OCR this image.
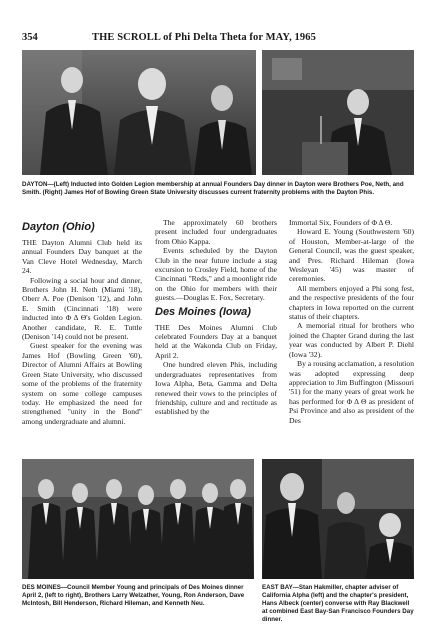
354	THE SCROLL of Phi Delta Theta for MAY, 1965
DAYTON—(Left) Inducted into Golden Legion membership at annual Founders Day dinner in Dayton were Brothers Poe, Neth, and Smith. (Right) James Hof of Bowling Green State University discusses current fraternity problems with the Dayton Phis.
Dayton (Ohio)

THE Dayton Alumni Club held its annual Founders Day banquet at the Van Cleve Hotel Wednesday, March 24.

Following a social hour and dinner, Brothers John H. Neth (Miami '18), Oberr A. Poe (Denison '12), and John E. Smith (Cincinnati '18) were inducted into Φ Δ Θ's Golden Legion. Another candidate, R. E. Tuttle (Denison '14) could not be present.

Guest speaker for the evening was James Hof (Bowling Green '60), Director of Alumni Affairs at Bowling Green State University, who discussed some of the problems of the fraternity system on some college campuses today. He emphasized the need for strengthened "unity in the Bond" among undergraduate and alumni.

The approximately 60 brothers present included four undergraduates from Ohio Kappa.

Events scheduled by the Dayton Club in the near future include a stag excursion to Crosley Field, home of the Cincinnati "Reds," and a moonlight ride on the Ohio for members with their guests.—Douglas E. Fox, Secretary.

Des Moines (Iowa)

THE Des Moines Alumni Club celebrated Founders Day at a banquet held at the Wakonda Club on Friday, April 2.

One hundred eleven Phis, including undergraduates representatives from Iowa Alpha, Beta, Gamma and Delta renewed their vows to the principles of friendship, culture and and rectitude as established by the

Immortal Six, Founders of Φ Δ Θ.

Howard E. Young (Southwestern '60) of Houston, Member-at-large of the General Council, was the guest speaker, and Pres. Richard Hileman (Iowa Wesleyan '45) was master of ceremonies.

All members enjoyed a Phi song fest, and the respective presidents of the four chapters in Iowa reported on the current status of their chapters.

A memorial ritual for brothers who joined the Chapter Grand during the last year was conducted by Albert P. Diehl (Iowa '32).

By a rousing acclamation, a resolution was adopted expressing deep appreciation to Jim Buffington (Missouri '51) for the many years of great work he has performed for Φ Δ Θ as president of Psi Province and also as president of the Des

DES MOINES—Council Member Young and principals of Des Moines dinner April 2, (left to right), Brothers Larry Welzather, Young, Ron Anderson, Dave McIntosh, Bill Henderson, Richard Hileman, and Kenneth Neu.
EAST BAY—Stan Hakmiller, chapter adviser of California Alpha (left) and the chapter's president, Hans Albeck (center) converse with Ray Blackwell at combined East Bay-San Francisco Founders Day dinner.
